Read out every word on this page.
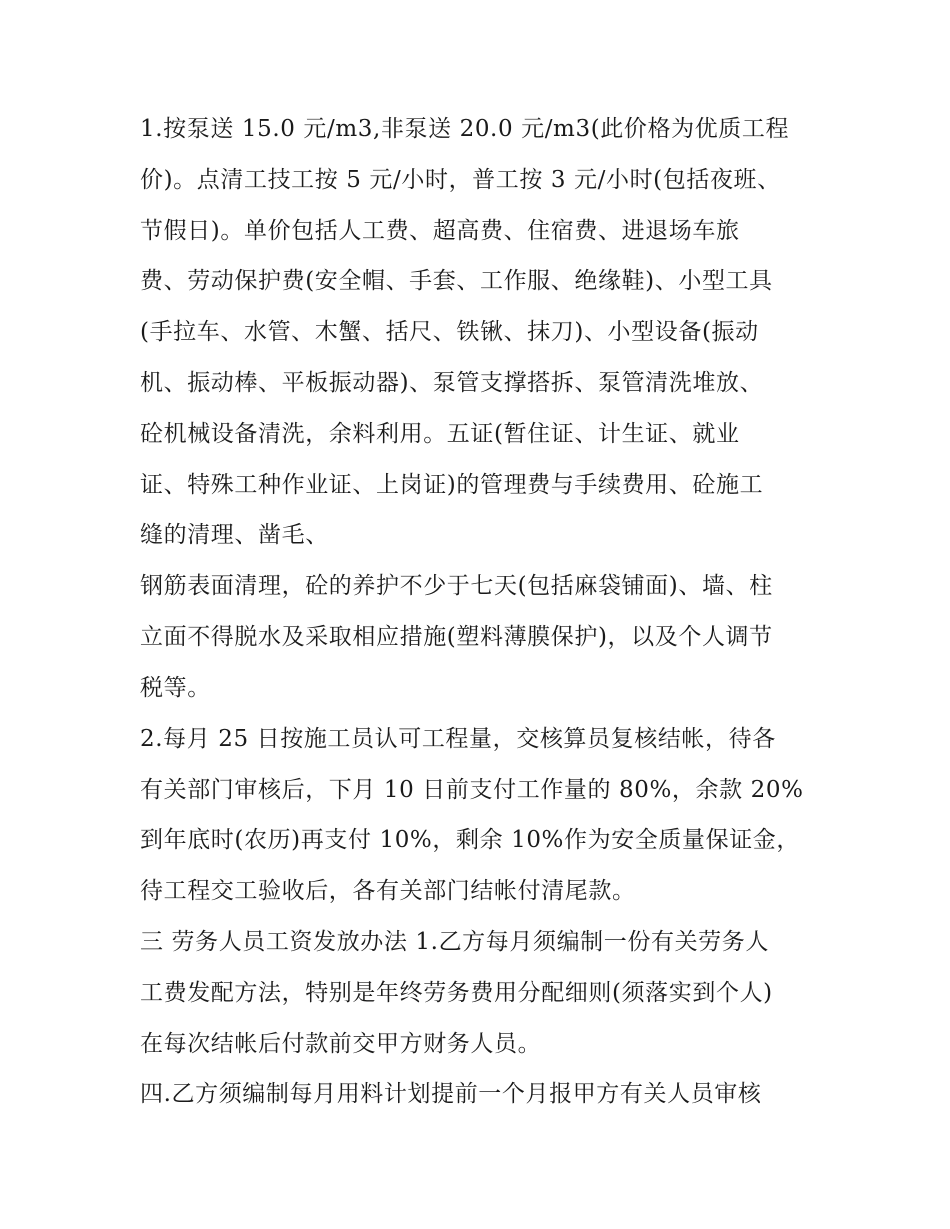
1.按泵送 15.0 元/m3,非泵送 20.0 元/m3(此价格为优质工程
价)。点清工技工按 5 元/小时，普工按 3 元/小时(包括夜班、
节假日)。单价包括人工费、超高费、住宿费、进退场车旅
费、劳动保护费(安全帽、手套、工作服、绝缘鞋)、小型工具
(手拉车、水管、木蟹、括尺、铁锹、抹刀)、小型设备(振动
机、振动棒、平板振动器)、泵管支撑搭拆、泵管清洗堆放、
砼机械设备清洗，余料利用。五证(暂住证、计生证、就业
证、特殊工种作业证、上岗证)的管理费与手续费用、砼施工
缝的清理、凿毛、
钢筋表面清理，砼的养护不少于七天(包括麻袋铺面)、墙、柱
立面不得脱水及采取相应措施(塑料薄膜保护)，以及个人调节
税等。
2.每月 25 日按施工员认可工程量，交核算员复核结帐，待各
有关部门审核后，下月 10 日前支付工作量的 80%，余款 20%
到年底时(农历)再支付 10%，剩余 10%作为安全质量保证金，
待工程交工验收后，各有关部门结帐付清尾款。
三 劳务人员工资发放办法 1.乙方每月须编制一份有关劳务人
工费发配方法，特别是年终劳务费用分配细则(须落实到个人)
在每次结帐后付款前交甲方财务人员。
四.乙方须编制每月用料计划提前一个月报甲方有关人员审核
